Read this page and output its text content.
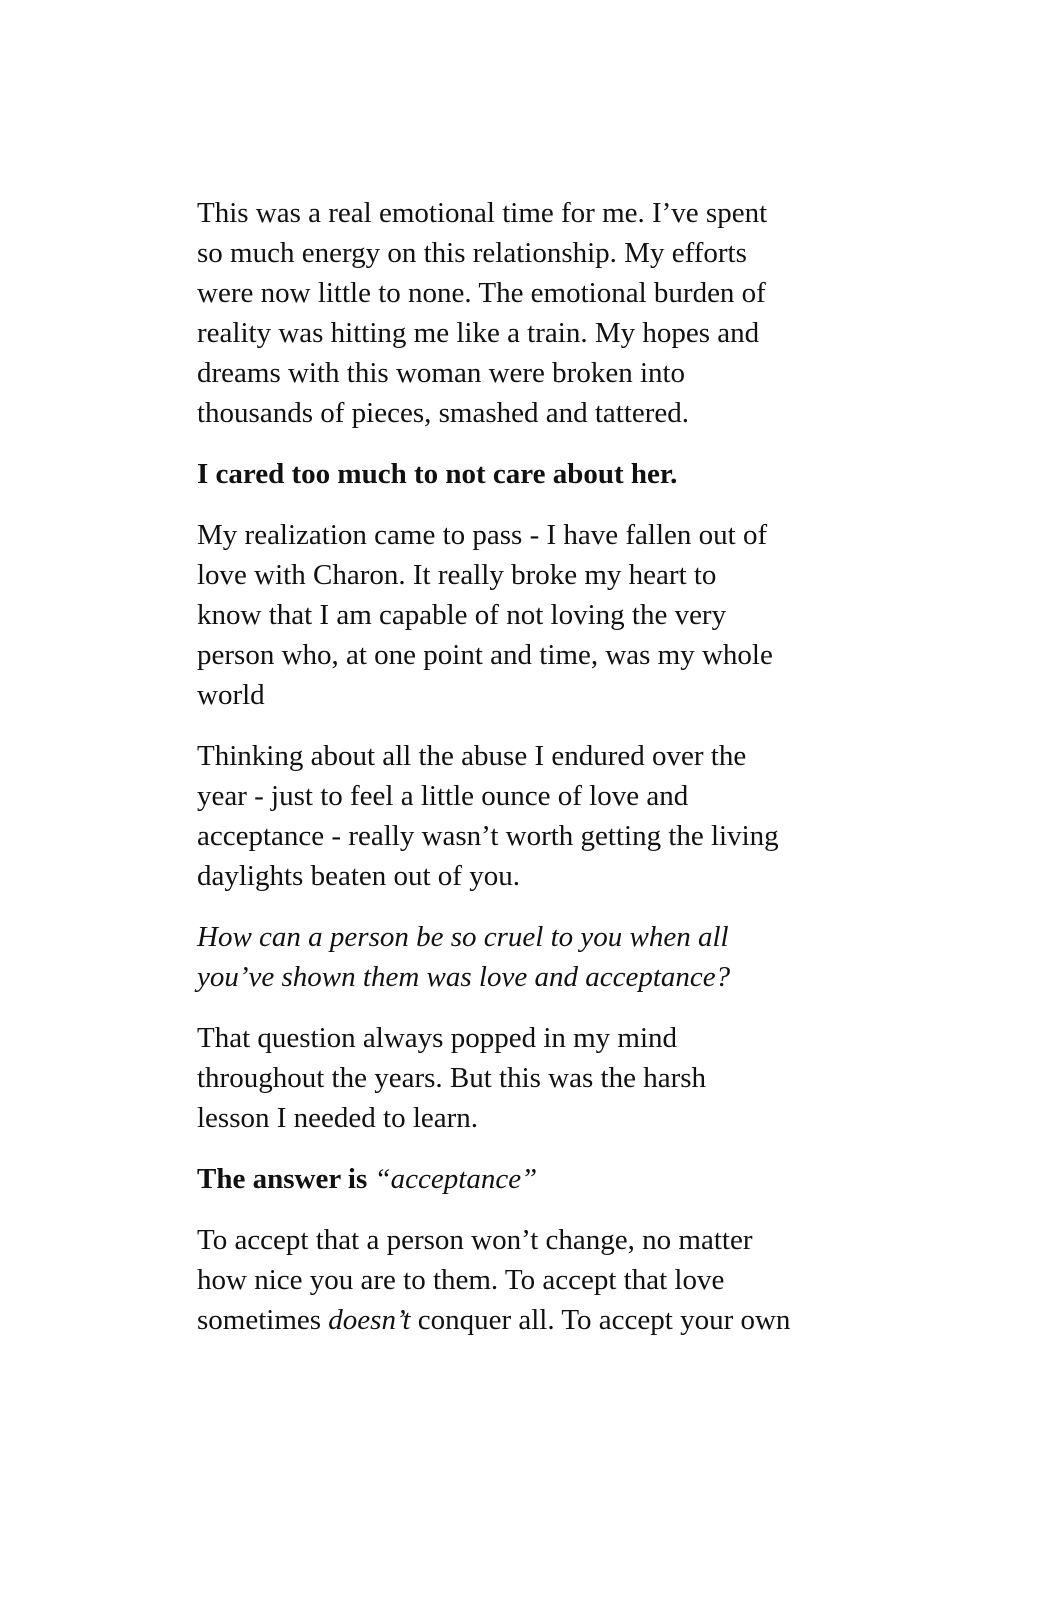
This was a real emotional time for me. I’ve spent
so much energy on this relationship. My efforts
were now little to none. The emotional burden of
reality was hitting me like a train. My hopes and
dreams with this woman were broken into
thousands of pieces, smashed and tattered.

I cared too much to not care about her.

My realization came to pass - I have fallen out of
love with Charon. It really broke my heart to
know that I am capable of not loving the very
person who, at one point and time, was my whole
world

Thinking about all the abuse I endured over the
year - just to feel a little ounce of love and
acceptance - really wasn’t worth getting the living
daylights beaten out of you.

How can a person be so cruel to you when all
you’ve shown them was love and acceptance?

That question always popped in my mind
throughout the years. But this was the harsh
lesson I needed to learn.

The answer is “acceptance”

To accept that a person won’t change, no matter
how nice you are to them. To accept that love
sometimes doesn’t conquer all. To accept your own
